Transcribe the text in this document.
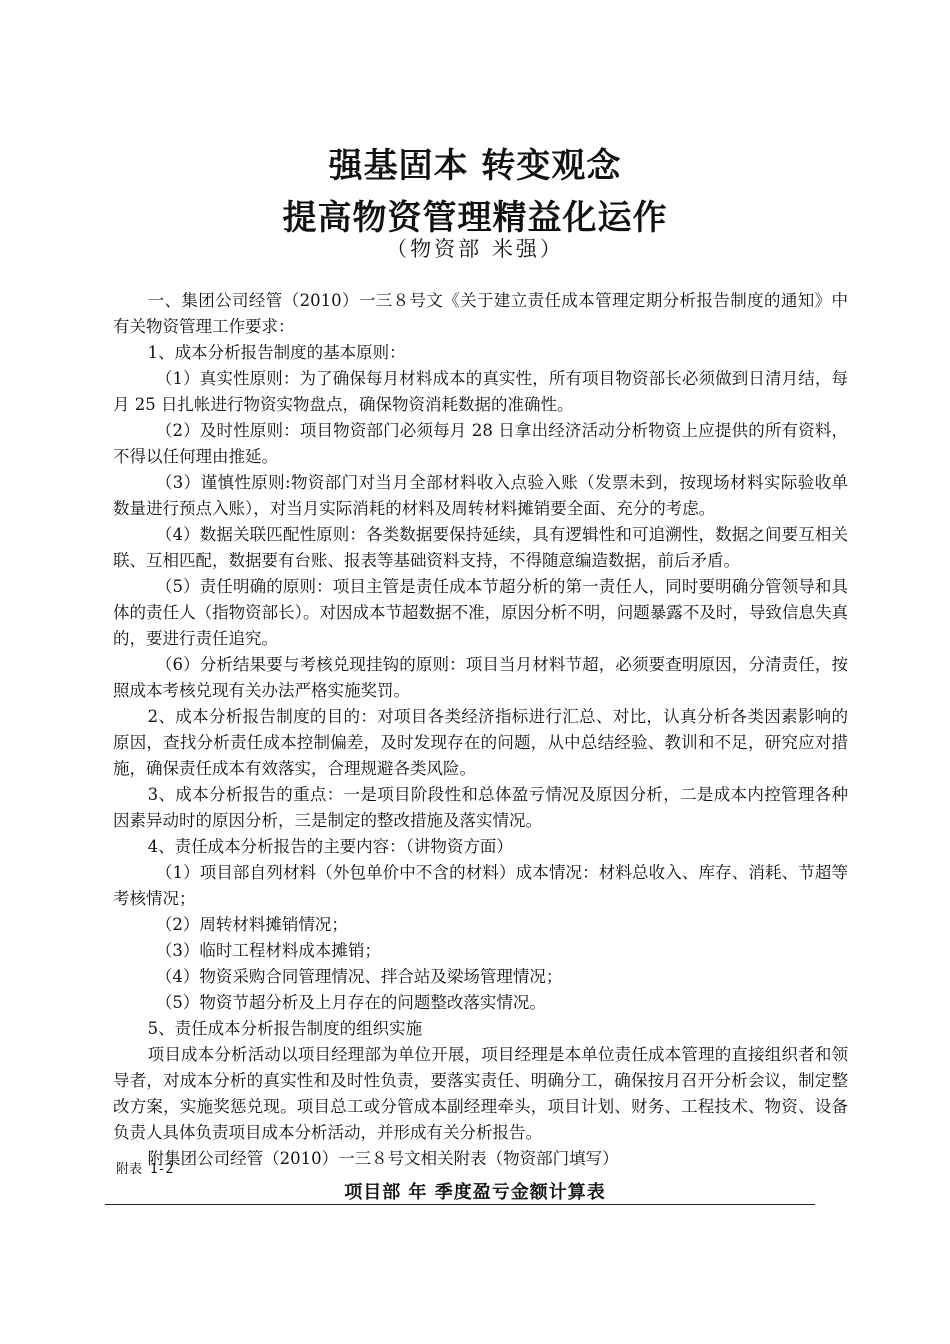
强基固本 转变观念
提高物资管理精益化运作
（物资部 米强）

一、集团公司经管（2010）一三８号文《关于建立责任成本管理定期分析报告制度的通知》中有关物资管理工作要求：

1、成本分析报告制度的基本原则：

（1）真实性原则：为了确保每月材料成本的真实性，所有项目物资部长必须做到日清月结，每月 25 日扎帐进行物资实物盘点，确保物资消耗数据的准确性。

（2）及时性原则：项目物资部门必须每月 28 日拿出经济活动分析物资上应提供的所有资料，不得以任何理由推延。

（3）谨慎性原则:物资部门对当月全部材料收入点验入账（发票未到，按现场材料实际验收单数量进行预点入账），对当月实际消耗的材料及周转材料摊销要全面、充分的考虑。

（4）数据关联匹配性原则：各类数据要保持延续，具有逻辑性和可追溯性，数据之间要互相关联、互相匹配，数据要有台账、报表等基础资料支持，不得随意编造数据，前后矛盾。

（5）责任明确的原则：项目主管是责任成本节超分析的第一责任人，同时要明确分管领导和具体的责任人（指物资部长）。对因成本节超数据不准，原因分析不明，问题暴露不及时，导致信息失真的，要进行责任追究。

（6）分析结果要与考核兑现挂钩的原则：项目当月材料节超，必须要查明原因，分清责任，按照成本考核兑现有关办法严格实施奖罚。

2、成本分析报告制度的目的：对项目各类经济指标进行汇总、对比，认真分析各类因素影响的原因，查找分析责任成本控制偏差，及时发现存在的问题，从中总结经验、教训和不足，研究应对措施，确保责任成本有效落实，合理规避各类风险。

3、成本分析报告的重点：一是项目阶段性和总体盈亏情况及原因分析，二是成本内控管理各种因素异动时的原因分析，三是制定的整改措施及落实情况。

4、责任成本分析报告的主要内容：（讲物资方面）

（1）项目部自列材料（外包单价中不含的材料）成本情况：材料总收入、库存、消耗、节超等考核情况；

（2）周转材料摊销情况；

（3）临时工程材料成本摊销；

（4）物资采购合同管理情况、拌合站及梁场管理情况；

（5）物资节超分析及上月存在的问题整改落实情况。

5、责任成本分析报告制度的组织实施

项目成本分析活动以项目经理部为单位开展，项目经理是本单位责任成本管理的直接组织者和领导者，对成本分析的真实性和及时性负责，要落实责任、明确分工，确保按月召开分析会议，制定整改方案，实施奖惩兑现。项目总工或分管成本副经理牵头，项目计划、财务、工程技术、物资、设备负责人具体负责项目成本分析活动，并形成有关分析报告。

附集团公司经管（2010）一三８号文相关附表（物资部门填写）

附表 1-2
项目部 年 季度盈亏金额计算表
